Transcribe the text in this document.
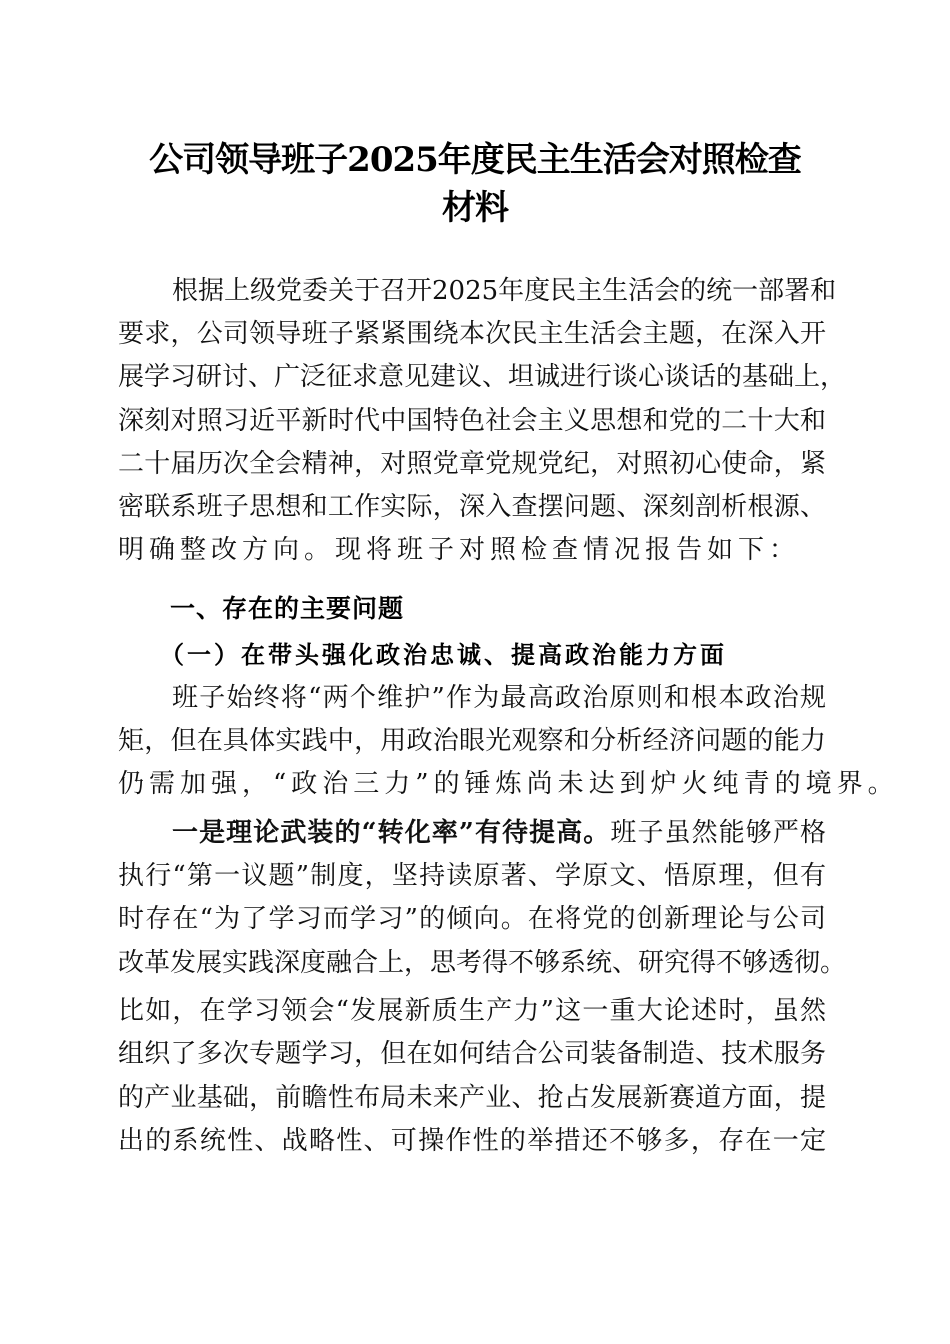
公司领导班子2025年度民主生活会对照检查
材料
根据上级党委关于召开2025年度民主生活会的统一部署和
要求，公司领导班子紧紧围绕本次民主生活会主题，在深入开
展学习研讨、广泛征求意见建议、坦诚进行谈心谈话的基础上，
深刻对照习近平新时代中国特色社会主义思想和党的二十大和
二十届历次全会精神，对照党章党规党纪，对照初心使命，紧
密联系班子思想和工作实际，深入查摆问题、深刻剖析根源、
明确整改方向。现将班子对照检查情况报告如下：
一、存在的主要问题
（一）在带头强化政治忠诚、提高政治能力方面
班子始终将“两个维护”作为最高政治原则和根本政治规
矩，但在具体实践中，用政治眼光观察和分析经济问题的能力
仍需加强，“政治三力”的锤炼尚未达到炉火纯青的境界。
一是理论武装的“转化率”有待提高。班子虽然能够严格
执行“第一议题”制度，坚持读原著、学原文、悟原理，但有
时存在“为了学习而学习”的倾向。在将党的创新理论与公司
改革发展实践深度融合上，思考得不够系统、研究得不够透彻。
比如，在学习领会“发展新质生产力”这一重大论述时，虽然
组织了多次专题学习，但在如何结合公司装备制造、技术服务
的产业基础，前瞻性布局未来产业、抢占发展新赛道方面，提
出的系统性、战略性、可操作性的举措还不够多，存在一定
